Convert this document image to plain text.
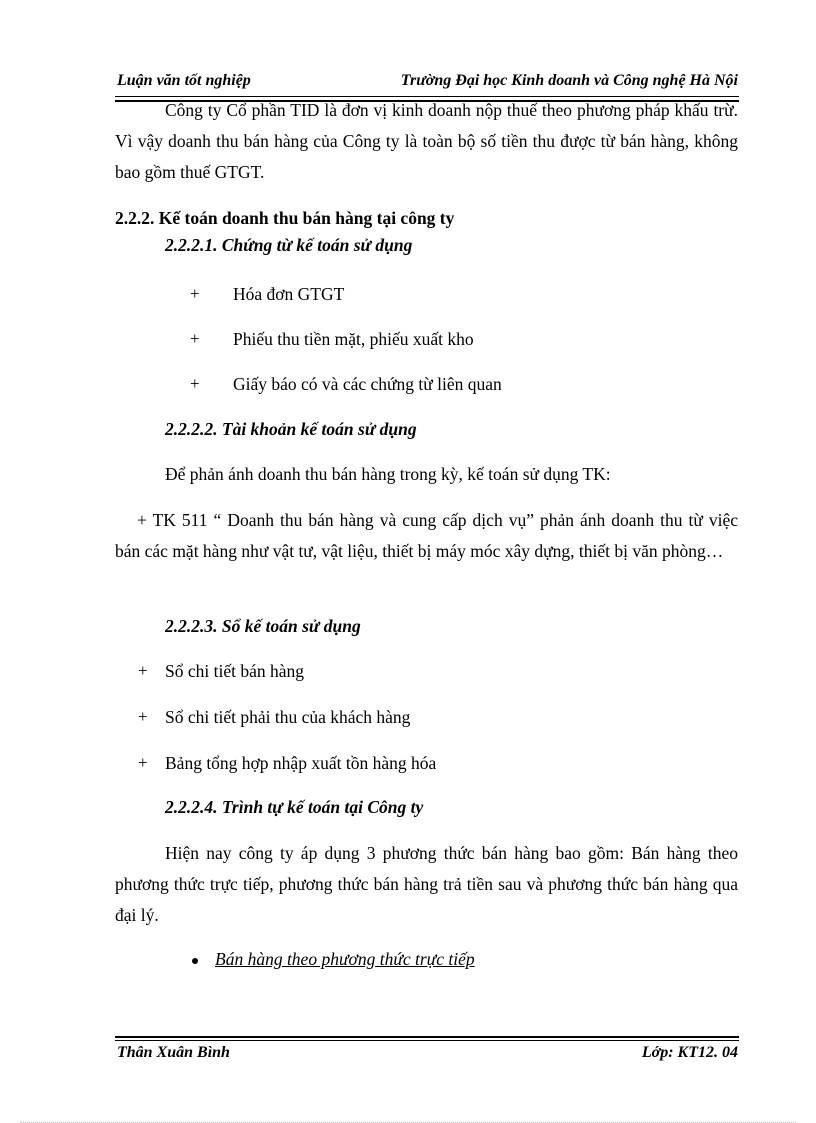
Luận văn tốt nghiệp	Trường Đại học Kinh doanh và Công nghệ Hà Nội
Công ty Cổ phần TID là đơn vị kinh doanh nộp thuế theo phương pháp khấu trừ. Vì vậy doanh thu bán hàng của Công ty là toàn bộ số tiền thu được từ bán hàng, không bao gồm thuế GTGT.
2.2.2. Kế toán doanh thu bán hàng tại công ty
2.2.2.1. Chứng từ kế toán sử dụng
+ Hóa đơn GTGT
+ Phiếu thu tiền mặt, phiếu xuất kho
+ Giấy báo có và các chứng từ liên quan
2.2.2.2. Tài khoản kế toán sử dụng
Để phản ánh doanh thu bán hàng trong kỳ, kế toán sử dụng TK:
+ TK 511 “ Doanh thu bán hàng và cung cấp dịch vụ” phản ánh doanh thu từ việc bán các mặt hàng như vật tư, vật liệu, thiết bị máy móc xây dựng, thiết bị văn phòng…
2.2.2.3. Sổ kế toán sử dụng
+ Sổ chi tiết bán hàng
+ Sổ chi tiết phải thu của khách hàng
+ Bảng tổng hợp nhập xuất tồn hàng hóa
2.2.2.4. Trình tự kế toán tại Công ty
Hiện nay công ty áp dụng 3 phương thức bán hàng bao gồm: Bán hàng theo phương thức trực tiếp, phương thức bán hàng trả tiền sau và phương thức bán hàng qua đại lý.
Bán hàng theo phương thức trực tiếp
Thân Xuân Bình	Lớp: KT12. 04
